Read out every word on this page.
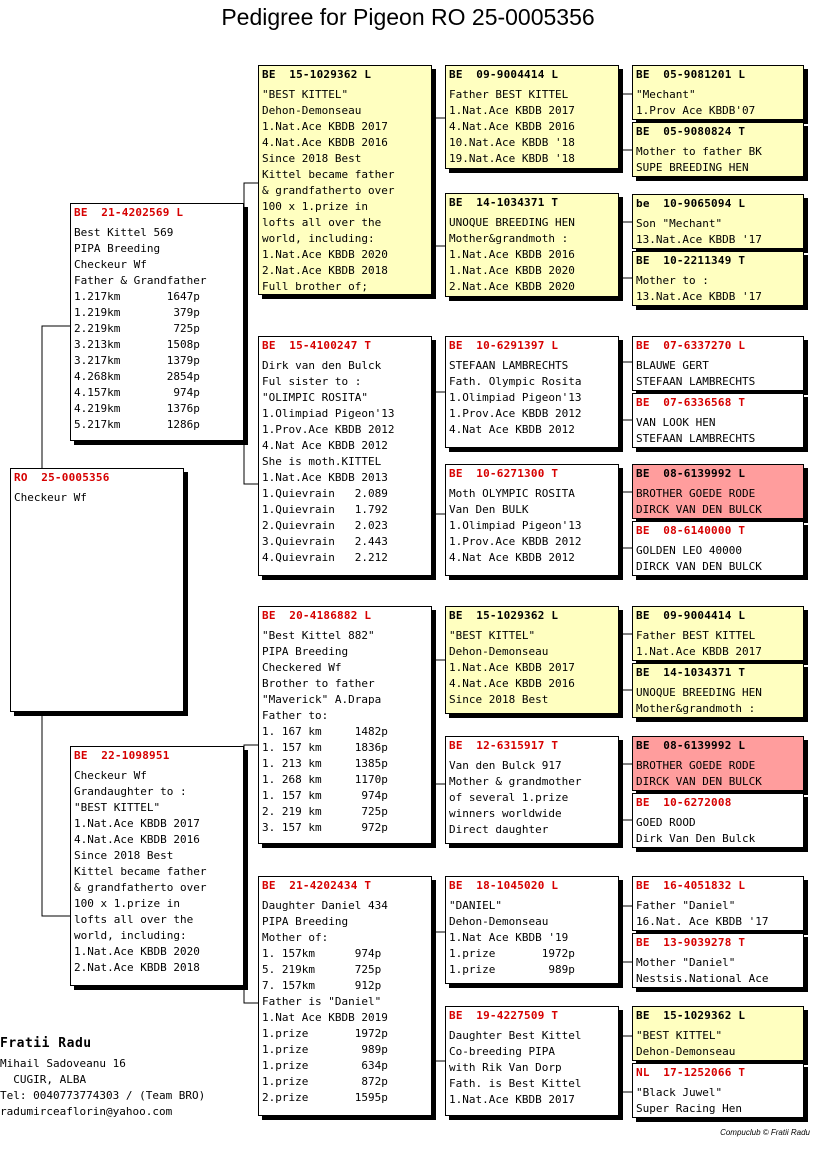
Pedigree for Pigeon RO 25-0005356
RO  25-0005356
Checkeur Wf
BE  21-4202569 L
Best Kittel 569
PIPA Breeding
Checkeur Wf
Father & Grandfather
1.217km       1647p
1.219km        379p
2.219km        725p
3.213km       1508p
3.217km       1379p
4.268km       2854p
4.157km        974p
4.219km       1376p
5.217km       1286p
BE  22-1098951
Checkeur Wf
Grandaughter to :
"BEST KITTEL"
1.Nat.Ace KBDB 2017
4.Nat.Ace KBDB 2016
Since 2018 Best
Kittel became father
& grandfatherto over
100 x 1.prize in
lofts all over the
world, including:
1.Nat.Ace KBDB 2020
2.Nat.Ace KBDB 2018
BE  15-1029362 L
"BEST KITTEL"
Dehon-Demonseau
1.Nat.Ace KBDB 2017
4.Nat.Ace KBDB 2016
Since 2018 Best
Kittel became father
& grandfatherto over
100 x 1.prize in
lofts all over the
world, including:
1.Nat.Ace KBDB 2020
2.Nat.Ace KBDB 2018
Full brother of;
BE  15-4100247 T
Dirk van den Bulck
Ful sister to :
"OLIMPIC ROSITA"
1.Olimpiad Pigeon'13
1.Prov.Ace KBDB 2012
4.Nat Ace KBDB 2012
She is moth.KITTEL
1.Nat.Ace KBDB 2013
1.Quievrain   2.089
1.Quievrain   1.792
2.Quievrain   2.023
3.Quievrain   2.443
4.Quievrain   2.212
BE  20-4186882 L
"Best Kittel 882"
PIPA Breeding
Checkered Wf
Brother to father
"Maverick" A.Drapa
Father to:
1. 167 km     1482p
1. 157 km     1836p
1. 213 km     1385p
1. 268 km     1170p
1. 157 km      974p
2. 219 km      725p
3. 157 km      972p
BE  21-4202434 T
Daughter Daniel 434
PIPA Breeding
Mother of:
1. 157km      974p
5. 219km      725p
7. 157km      912p
Father is "Daniel"
1.Nat Ace KBDB 2019
1.prize       1972p
1.prize        989p
1.prize        634p
1.prize        872p
2.prize       1595p
BE  09-9004414 L
Father BEST KITTEL
1.Nat.Ace KBDB 2017
4.Nat.Ace KBDB 2016
10.Nat.Ace KBDB '18
19.Nat.Ace KBDB '18
BE  14-1034371 T
UNOQUE BREEDING HEN
Mother&grandmoth :
1.Nat.Ace KBDB 2016
1.Nat.Ace KBDB 2020
2.Nat.Ace KBDB 2020
BE  10-6291397 L
STEFAAN LAMBRECHTS
Fath. Olympic Rosita
1.Olimpiad Pigeon'13
1.Prov.Ace KBDB 2012
4.Nat Ace KBDB 2012
BE  10-6271300 T
Moth OLYMPIC ROSITA
Van Den BULK
1.Olimpiad Pigeon'13
1.Prov.Ace KBDB 2012
4.Nat Ace KBDB 2012
BE  15-1029362 L
"BEST KITTEL"
Dehon-Demonseau
1.Nat.Ace KBDB 2017
4.Nat.Ace KBDB 2016
Since 2018 Best
BE  12-6315917 T
Van den Bulck 917
Mother & grandmother
of several 1.prize
winners worldwide
Direct daughter
BE  18-1045020 L
"DANIEL"
Dehon-Demonseau
1.Nat Ace KBDB '19
1.prize       1972p
1.prize        989p
BE  19-4227509 T
Daughter Best Kittel
Co-breeding PIPA
with Rik Van Dorp
Fath. is Best Kittel
1.Nat.Ace KBDB 2017
BE  05-9081201 L
"Mechant"
1.Prov Ace KBDB'07
BE  05-9080824 T
Mother to father BK
SUPE BREEDING HEN
be  10-9065094 L
Son "Mechant"
13.Nat.Ace KBDB '17
BE  10-2211349 T
Mother to :
13.Nat.Ace KBDB '17
BE  07-6337270 L
BLAUWE GERT
STEFAAN LAMBRECHTS
BE  07-6336568 T
VAN LOOK HEN
STEFAAN LAMBRECHTS
BE  08-6139992 L
BROTHER GOEDE RODE
DIRCK VAN DEN BULCK
BE  08-6140000 T
GOLDEN LEO 40000
DIRCK VAN DEN BULCK
BE  09-9004414 L
Father BEST KITTEL
1.Nat.Ace KBDB 2017
BE  14-1034371 T
UNOQUE BREEDING HEN
Mother&grandmoth :
BE  08-6139992 L
BROTHER GOEDE RODE
DIRCK VAN DEN BULCK
BE  10-6272008
GOED ROOD
Dirk Van Den Bulck
BE  16-4051832 L
Father "Daniel"
16.Nat. Ace KBDB '17
BE  13-9039278 T
Mother "Daniel"
Nestsis.National Ace
BE  15-1029362 L
"BEST KITTEL"
Dehon-Demonseau
NL  17-1252066 T
"Black Juwel"
Super Racing Hen
Fratii Radu
Mihail Sadoveanu 16
CUGIR, ALBA
Tel: 0040773774303 / (Team BRO)
radumirceaflorin@yahoo.com
Compuclub © Fratii Radu
